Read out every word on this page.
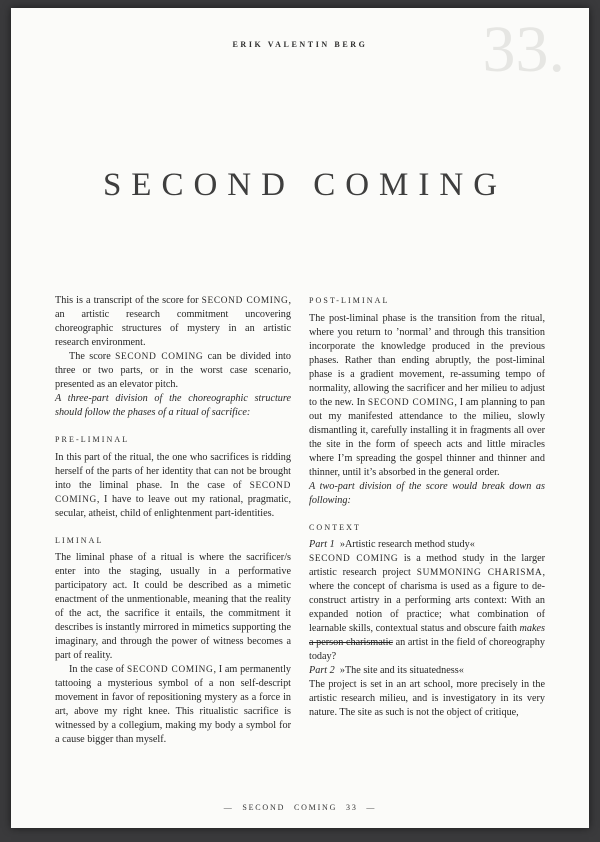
ERIK VALENTIN BERG	33.
SECOND COMING

This is a transcript of the score for SECOND COMING, an artistic research commitment uncovering choreographic structures of mystery in an artistic research environment.

The score SECOND COMING can be divided into three or two parts, or in the worst case scenario, presented as an elevator pitch.

A three-part division of the choreographic structure should follow the phases of a ritual of sacrifice:

PRE-LIMINAL

In this part of the ritual, the one who sacrifices is ridding herself of the parts of her identity that can not be brought into the liminal phase. In the case of SECOND COMING, I have to leave out my rational, pragmatic, secular, atheist, child of enlightenment part-identities.

LIMINAL

The liminal phase of a ritual is where the sacrificer/s enter into the staging, usually in a performative participatory act. It could be described as a mimetic enactment of the unmentionable, meaning that the reality of the act, the sacrifice it entails, the commitment it describes is instantly mirrored in mimetics supporting the imaginary, and through the power of witness becomes a part of reality.

In the case of SECOND COMING, I am permanently tattooing a mysterious symbol of a non self-descript movement in favor of repositioning mystery as a force in art, above my right knee. This ritualistic sacrifice is witnessed by a collegium, making my body a symbol for a cause bigger than myself.

POST-LIMINAL

The post-liminal phase is the transition from the ritual, where you return to ’normal’ and through this transition incorporate the knowledge produced in the previous phases. Rather than ending abruptly, the post-liminal phase is a gradient movement, re-assuming tempo of normality, allowing the sacrificer and her milieu to adjust to the new. In SECOND COMING, I am planning to pan out my manifested attendance to the milieu, slowly dismantling it, carefully installing it in fragments all over the site in the form of speech acts and little miracles where I’m spreading the gospel thinner and thinner and thinner, until it’s absorbed in the general order.

A two-part division of the score would break down as following:

CONTEXT

Part 1 »Artistic research method study«

SECOND COMING is a method study in the larger artistic research project SUMMONING CHARISMA, where the concept of charisma is used as a figure to de-construct artistry in a performing arts context: With an expanded notion of practice; what combination of learnable skills, contextual status and obscure faith makes a person charismatic an artist in the field of choreography today?

Part 2 »The site and its situatedness«

The project is set in an art school, more precisely in the artistic research milieu, and is investigatory in its very nature. The site as such is not the object of critique,

— SECOND COMING 33 —
